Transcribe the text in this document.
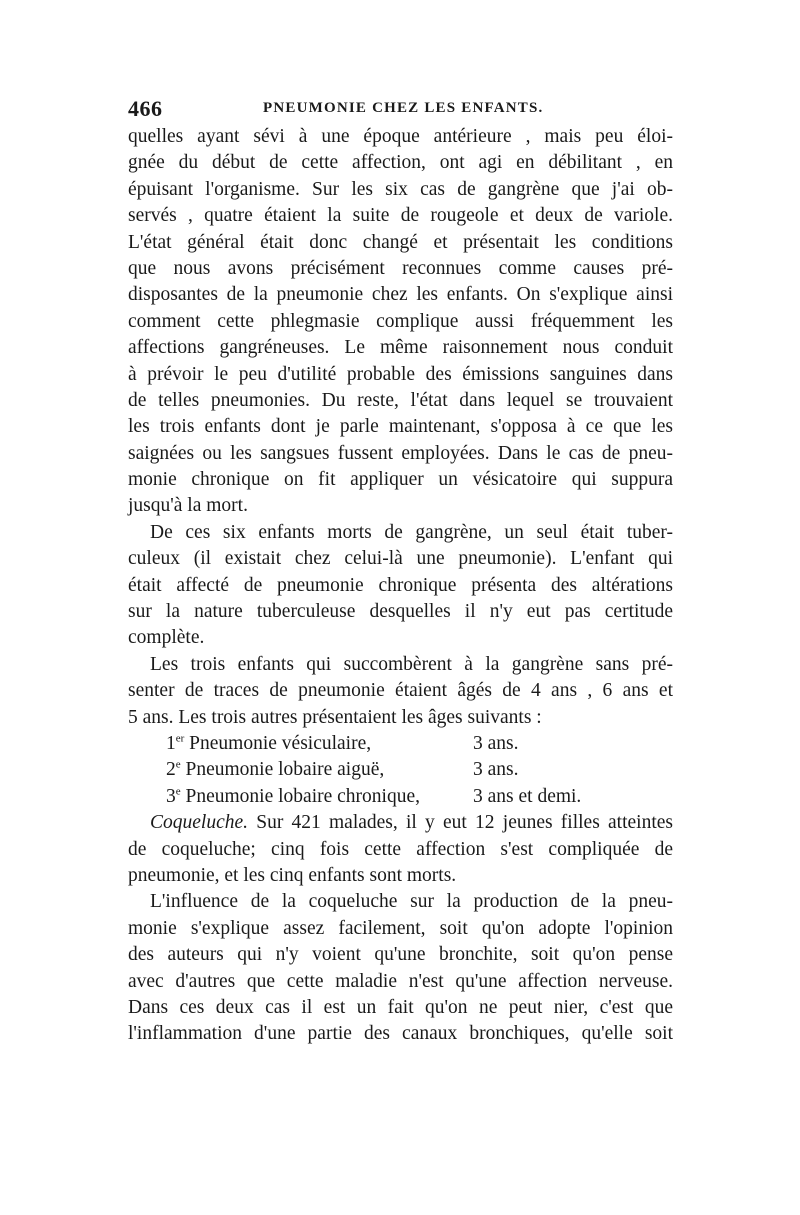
466	PNEUMONIE CHEZ LES ENFANTS.
quelles ayant sévi à une époque antérieure , mais peu éloi-
gnée du début de cette affection, ont agi en débilitant , en
épuisant l'organisme. Sur les six cas de gangrène que j'ai ob-
servés , quatre étaient la suite de rougeole et deux de variole.
L'état général était donc changé et présentait les conditions
que nous avons précisément reconnues comme causes pré-
disposantes de la pneumonie chez les enfants. On s'explique ainsi
comment cette phlegmasie complique aussi fréquemment les
affections gangréneuses. Le même raisonnement nous conduit
à prévoir le peu d'utilité probable des émissions sanguines dans
de telles pneumonies. Du reste, l'état dans lequel se trouvaient
les trois enfants dont je parle maintenant, s'opposa à ce que les
saignées ou les sangsues fussent employées. Dans le cas de pneu-
monie chronique on fit appliquer un vésicatoire qui suppura
jusqu'à la mort.
De ces six enfants morts de gangrène, un seul était tuber-
culeux (il existait chez celui-là une pneumonie). L'enfant qui
était affecté de pneumonie chronique présenta des altérations
sur la nature tuberculeuse desquelles il n'y eut pas certitude
complète.
Les trois enfants qui succombèrent à la gangrène sans pré-
senter de traces de pneumonie étaient âgés de 4 ans , 6 ans et
5 ans. Les trois autres présentaient les âges suivants :
1er Pneumonie vésiculaire,	3 ans.
2e Pneumonie lobaire aiguë,	3 ans.
3e Pneumonie lobaire chronique,	3 ans et demi.
Coqueluche. Sur 421 malades, il y eut 12 jeunes filles atteintes
de coqueluche; cinq fois cette affection s'est compliquée de
pneumonie, et les cinq enfants sont morts.
L'influence de la coqueluche sur la production de la pneu-
monie s'explique assez facilement, soit qu'on adopte l'opinion
des auteurs qui n'y voient qu'une bronchite, soit qu'on pense
avec d'autres que cette maladie n'est qu'une affection nerveuse.
Dans ces deux cas il est un fait qu'on ne peut nier, c'est que
l'inflammation d'une partie des canaux bronchiques, qu'elle soit
